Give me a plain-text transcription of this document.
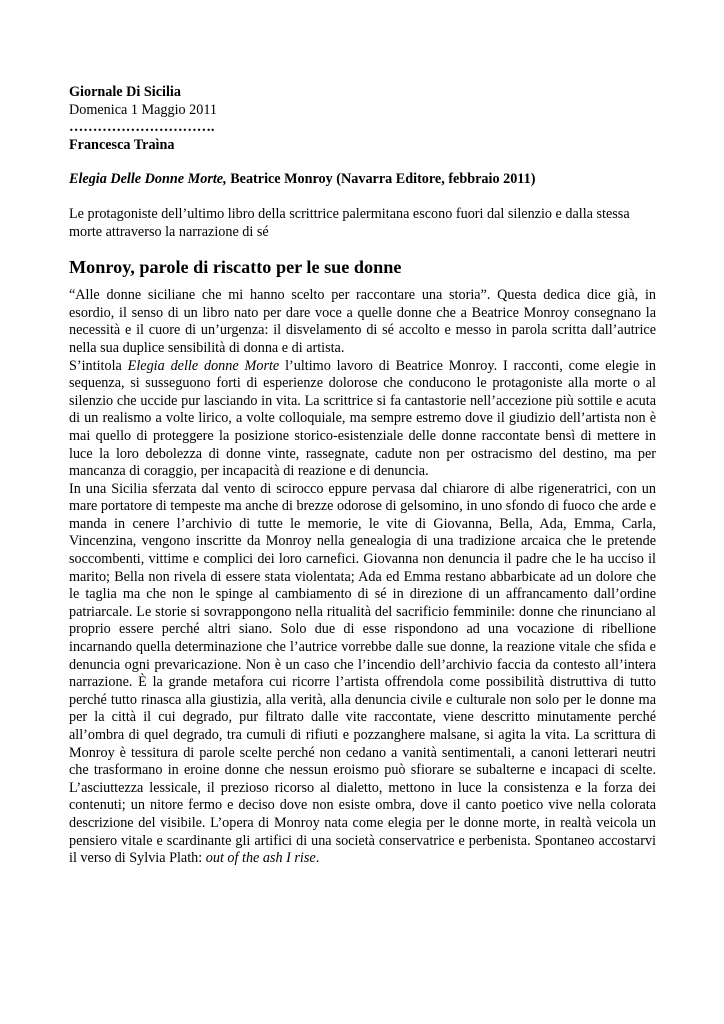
Giornale Di Sicilia
Domenica 1 Maggio 2011
………………………….
Francesca Traìna
Elegia Delle Donne Morte, Beatrice Monroy (Navarra Editore, febbraio 2011)
Le protagoniste dell’ultimo libro della scrittrice palermitana escono fuori dal silenzio e dalla stessa morte attraverso la narrazione di sé
Monroy, parole di riscatto per le sue donne
“Alle donne siciliane che mi hanno scelto per raccontare una storia”. Questa dedica dice già, in esordio, il senso di un libro nato per dare voce a quelle donne che a Beatrice Monroy consegnano la necessità e il cuore di un’urgenza: il disvelamento di sé accolto e messo in parola scritta dall’autrice nella sua duplice sensibilità di donna e di artista.
S’intitola Elegia delle donne Morte l’ultimo lavoro di Beatrice Monroy. I racconti, come elegie in sequenza, si susseguono forti di esperienze dolorose che conducono le protagoniste alla morte o al silenzio che uccide pur lasciando in vita. La scrittrice si fa cantastorie nell’accezione più sottile e acuta di un realismo a volte lirico, a volte colloquiale, ma sempre estremo dove il giudizio dell’artista non è mai quello di proteggere la posizione storico-esistenziale delle donne raccontate bensì di mettere in luce la loro debolezza di donne vinte, rassegnate, cadute non per ostracismo del destino, ma per mancanza di coraggio, per incapacità di reazione e di denuncia.
In una Sicilia sferzata dal vento di scirocco eppure pervasa dal chiarore di albe rigeneratrici, con un mare portatore di tempeste ma anche di brezze odorose di gelsomino, in uno sfondo di fuoco che arde e manda in cenere l’archivio di tutte le memorie, le vite di Giovanna, Bella, Ada, Emma, Carla, Vincenzina, vengono inscritte da Monroy nella genealogia di una tradizione arcaica che le pretende soccombenti, vittime e complici dei loro carnefici. Giovanna non denuncia il padre che le ha ucciso il marito; Bella non rivela di essere stata violentata; Ada ed Emma restano abbarbicate ad un dolore che le taglia ma che non le spinge al cambiamento di sé in direzione di un affrancamento dall’ordine patriarcale. Le storie si sovrappongono nella ritualità del sacrificio femminile: donne che rinunciano al proprio essere perché altri siano. Solo due di esse rispondono ad una vocazione di ribellione incarnando quella determinazione che l’autrice vorrebbe dalle sue donne, la reazione vitale che sfida e denuncia ogni prevaricazione. Non è un caso che l’incendio dell’archivio faccia da contesto all’intera narrazione. È la grande metafora cui ricorre l’artista offrendola come possibilità distruttiva di tutto perché tutto rinasca alla giustizia, alla verità, alla denuncia civile e culturale non solo per le donne ma per la città il cui degrado, pur filtrato dalle vite raccontate, viene descritto minutamente perché all’ombra di quel degrado, tra cumuli di rifiuti e pozzanghere malsane, si agita la vita. La scrittura di Monroy è tessitura di parole scelte perché non cedano a vanità sentimentali, a canoni letterari neutri che trasformano in eroine donne che nessun eroismo può sfiorare se subalterne e incapaci di scelte. L’asciuttezza lessicale, il prezioso ricorso al dialetto, mettono in luce la consistenza e la forza dei contenuti; un nitore fermo e deciso dove non esiste ombra, dove il canto poetico vive nella colorata descrizione del visibile. L’opera di Monroy nata come elegia per le donne morte, in realtà veicola un pensiero vitale e scardinante gli artifici di una società conservatrice e perbenista. Spontaneo accostarvi il verso di Sylvia Plath: out of the ash I rise.
